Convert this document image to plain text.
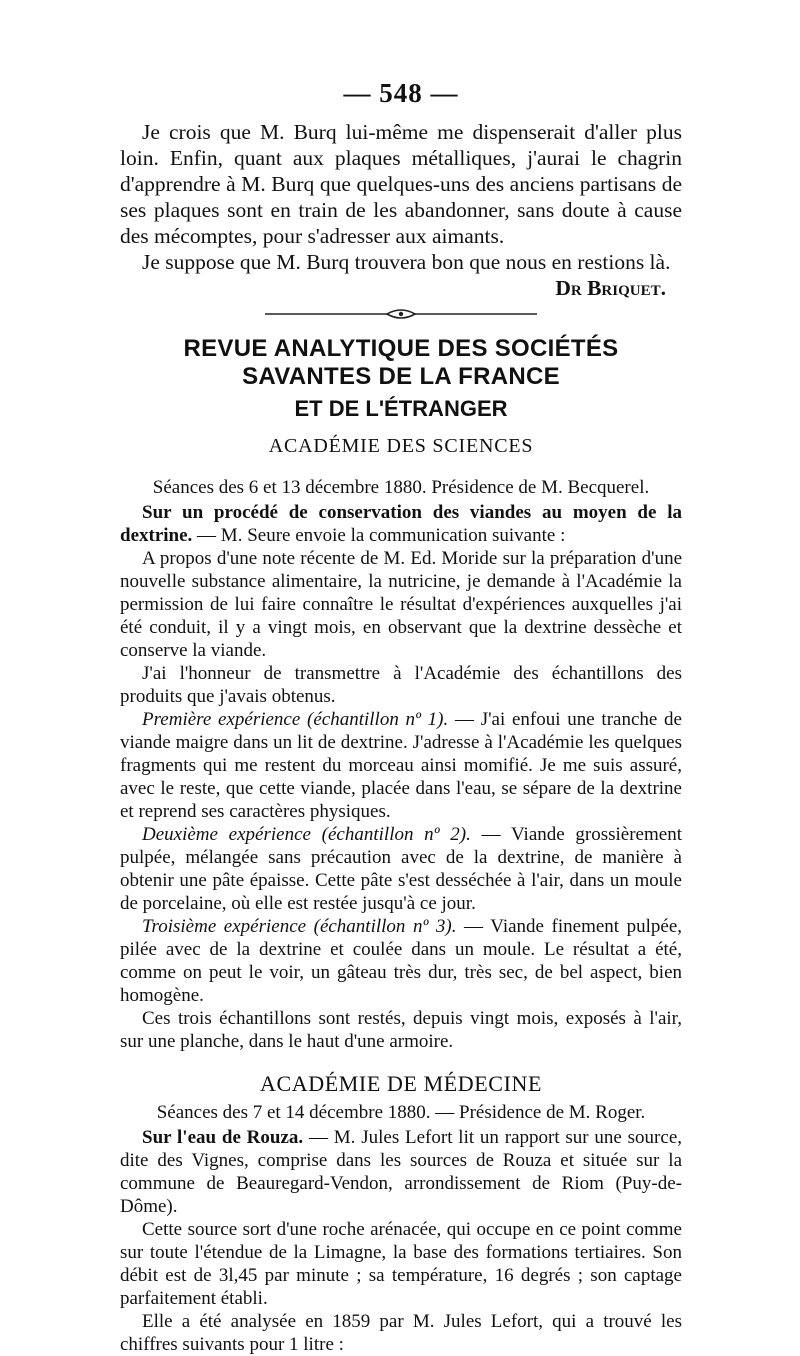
— 548 —

Je crois que M. Burq lui-même me dispenserait d'aller plus loin. Enfin, quant aux plaques métalliques, j'aurai le chagrin d'apprendre à M. Burq que quelques-uns des anciens partisans de ses plaques sont en train de les abandonner, sans doute à cause des mécomptes, pour s'adresser aux aimants.

Je suppose que M. Burq trouvera bon que nous en restions là.

Dr Briquet.

REVUE ANALYTIQUE DES SOCIÉTÉS SAVANTES DE LA FRANCE
ET DE L'ÉTRANGER
ACADÉMIE DES SCIENCES

Séances des 6 et 13 décembre 1880. Présidence de M. Becquerel.

Sur un procédé de conservation des viandes au moyen de la dextrine. — M. Seure envoie la communication suivante :

A propos d'une note récente de M. Ed. Moride sur la préparation d'une nouvelle substance alimentaire, la nutricine, je demande à l'Académie la permission de lui faire connaître le résultat d'expériences auxquelles j'ai été conduit, il y a vingt mois, en observant que la dextrine dessèche et conserve la viande.

J'ai l'honneur de transmettre à l'Académie des échantillons des produits que j'avais obtenus.

Première expérience (échantillon nº 1). — J'ai enfoui une tranche de viande maigre dans un lit de dextrine. J'adresse à l'Académie les quelques fragments qui me restent du morceau ainsi momifié. Je me suis assuré, avec le reste, que cette viande, placée dans l'eau, se sépare de la dextrine et reprend ses caractères physiques.

Deuxième expérience (échantillon nº 2). — Viande grossièrement pulpée, mélangée sans précaution avec de la dextrine, de manière à obtenir une pâte épaisse. Cette pâte s'est desséchée à l'air, dans un moule de porcelaine, où elle est restée jusqu'à ce jour.

Troisième expérience (échantillon nº 3). — Viande finement pulpée, pilée avec de la dextrine et coulée dans un moule. Le résultat a été, comme on peut le voir, un gâteau très dur, très sec, de bel aspect, bien homogène.

Ces trois échantillons sont restés, depuis vingt mois, exposés à l'air, sur une planche, dans le haut d'une armoire.

ACADÉMIE DE MÉDECINE

Séances des 7 et 14 décembre 1880. — Présidence de M. Roger.

Sur l'eau de Rouza. — M. Jules Lefort lit un rapport sur une source, dite des Vignes, comprise dans les sources de Rouza et située sur la commune de Beauregard-Vendon, arrondissement de Riom (Puy-de-Dôme).

Cette source sort d'une roche arénacée, qui occupe en ce point comme sur toute l'étendue de la Limagne, la base des formations tertiaires. Son débit est de 3l,45 par minute ; sa température, 16 degrés ; son captage parfaitement établi.

Elle a été analysée en 1859 par M. Jules Lefort, qui a trouvé les chiffres suivants pour 1 litre :
